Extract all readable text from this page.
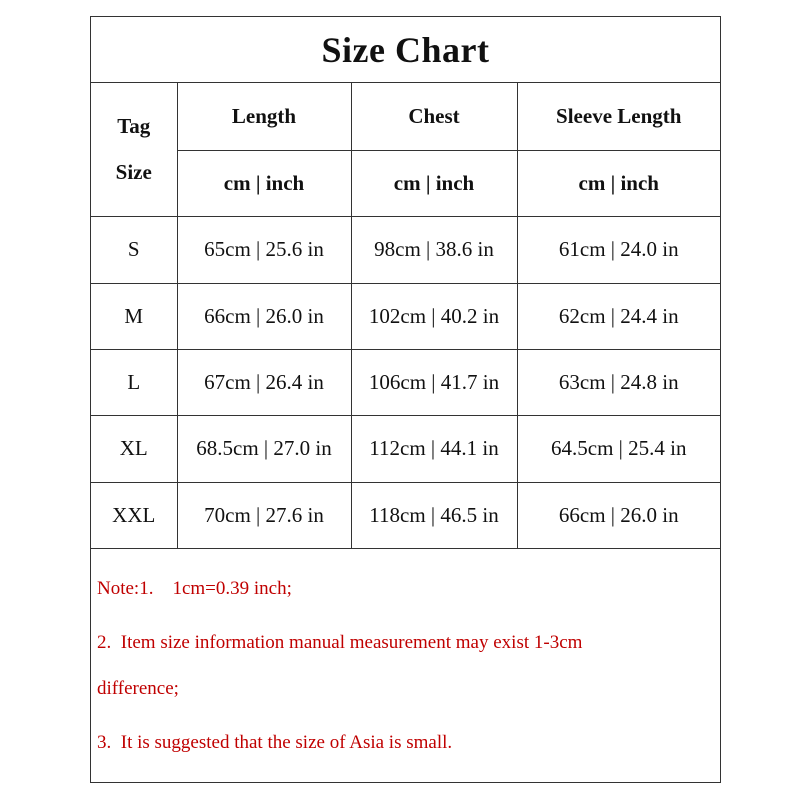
Size Chart
Tag
Size	Length	Chest	Sleeve Length
	cm | inch	cm | inch	cm | inch
S	65cm | 25.6 in	98cm | 38.6 in	61cm | 24.0 in
M	66cm | 26.0 in	102cm | 40.2 in	62cm | 24.4 in
L	67cm | 26.4 in	106cm | 41.7 in	63cm | 24.8 in
XL	68.5cm | 27.0 in	112cm | 44.1 in	64.5cm | 25.4 in
XXL	70cm | 27.6 in	118cm | 46.5 in	66cm | 26.0 in
Note:1.    1cm=0.39 inch;
2.  Item size information manual measurement may exist 1-3cm
difference;
3.  It is suggested that the size of Asia is small.
